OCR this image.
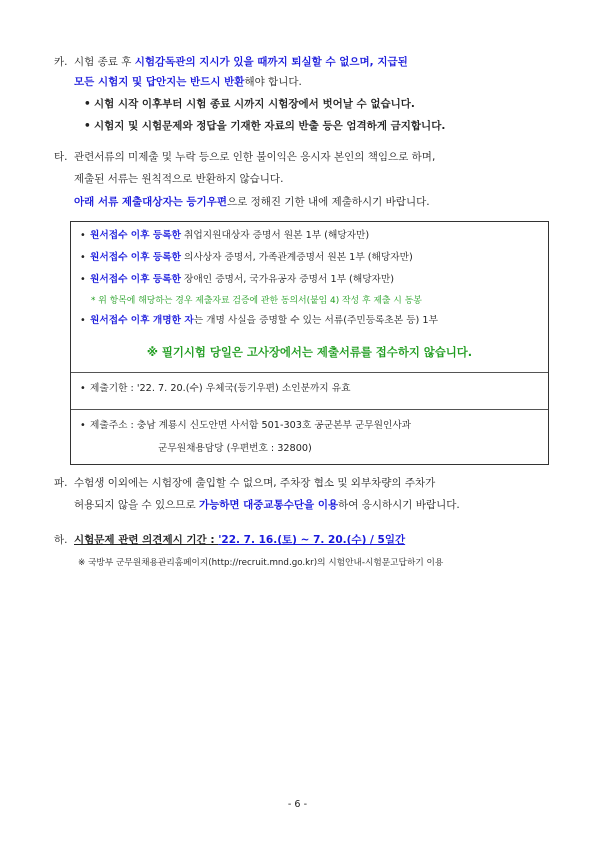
카. 시험 종료 후 시험감독관의 지시가 있을 때까지 퇴실할 수 없으며, 지급된
모든 시험지 및 답안지는 반드시 반환해야 합니다.
• 시험 시작 이후부터 시험 종료 시까지 시험장에서 벗어날 수 없습니다.
• 시험지 및 시험문제와 정답을 기재한 자료의 반출 등은 엄격하게 금지합니다.
타. 관련서류의 미제출 및 누락 등으로 인한 불이익은 응시자 본인의 책임으로 하며,
제출된 서류는 원칙적으로 반환하지 않습니다.
아래 서류 제출대상자는 등기우편으로 정해진 기한 내에 제출하시기 바랍니다.
• 원서접수 이후 등록한 취업지원대상자 증명서 원본 1부 (해당자만)
• 원서접수 이후 등록한 의사상자 증명서, 가족관계증명서 원본 1부 (해당자만)
• 원서접수 이후 등록한 장애인 증명서, 국가유공자 증명서 1부 (해당자만)
* 위 항목에 해당하는 경우 제출자료 검증에 관한 동의서(붙임 4) 작성 후 제출 시 동봉
• 원서접수 이후 개명한 자는 개명 사실을 증명할 수 있는 서류(주민등록초본 등) 1부
※ 필기시험 당일은 고사장에서는 제출서류를 접수하지 않습니다.
• 제출기한 : '22. 7. 20.(수) 우체국(등기우편) 소인분까지 유효
• 제출주소 : 충남 계룡시 신도안면 사서함 501-303호 공군본부 군무원인사과
군무원채용담당 (우편번호 : 32800)
파. 수험생 이외에는 시험장에 출입할 수 없으며, 주차장 협소 및 외부차량의 주차가
허용되지 않을 수 있으므로 가능하면 대중교통수단을 이용하여 응시하시기 바랍니다.
하. 시험문제 관련 의견제시 기간 : '22. 7. 16.(토) ~ 7. 20.(수) / 5일간
※ 국방부 군무원채용관리홈페이지(http://recruit.mnd.go.kr)의 시험안내-시험문고답하기 이용
- 6 -
